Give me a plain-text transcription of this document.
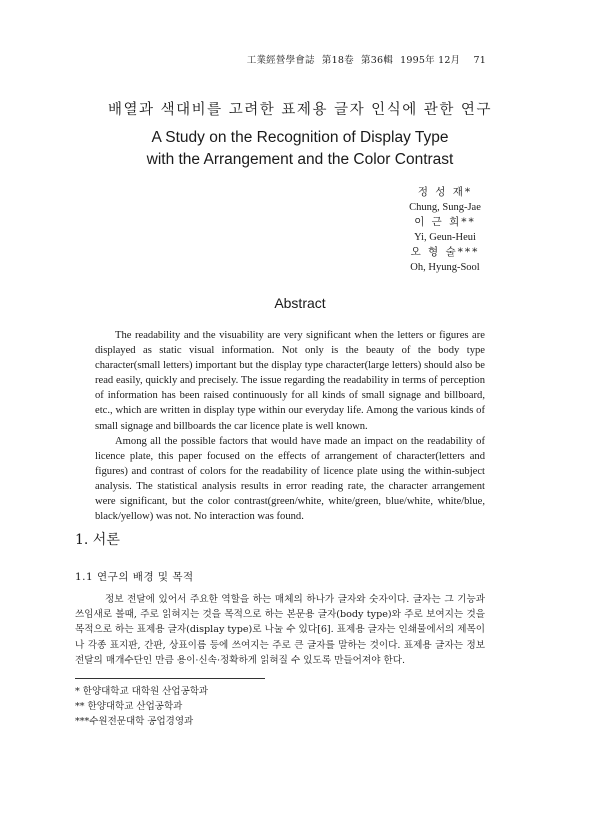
工業經營學會誌 第18卷 第36輯 1995年 12月 71
배열과 색대비를 고려한 표제용 글자 인식에 관한 연구
A Study on the Recognition of Display Type
with the Arrangement and the Color Contrast
정 성 재*
Chung, Sung-Jae
이 근 희**
Yi, Geun-Heui
오 형 술***
Oh, Hyung-Sool
Abstract

The readability and the visuability are very significant when the letters or figures are displayed as static visual information. Not only is the beauty of the body type character(small letters) important but the display type character(large letters) should also be read easily, quickly and precisely. The issue regarding the readability in terms of perception of information has been raised continuously for all kinds of small signage and billboard, etc., which are written in display type within our everyday life. Among the various kinds of small signage and billboards the car licence plate is well known.

Among all the possible factors that would have made an impact on the readability of licence plate, this paper focused on the effects of arrangement of character(letters and figures) and contrast of colors for the readability of licence plate using the within-subject analysis. The statistical analysis results in error reading rate, the character arrangement were significant, but the color contrast(green/white, white/green, blue/white, white/blue, black/yellow) was not. No interaction was found.

1. 서론
1.1 연구의 배경 및 목적

정보 전달에 있어서 주요한 역할을 하는 매체의 하나가 글자와 숫자이다. 글자는 그 기능과 쓰임새로 볼때, 주로 읽혀지는 것을 목적으로 하는 본문용 글자(body type)와 주로 보여지는 것을 목적으로 하는 표제용 글자(display type)로 나눌 수 있다[6]. 표제용 글자는 인쇄물에서의 제목이나 각종 표지판, 간판, 상표이름 등에 쓰여지는 주로 큰 글자를 말하는 것이다. 표제용 글자는 정보 전달의 매개수단인 만큼 용이·신속·정확하게 읽혀질 수 있도록 만들어져야 한다.

* 한양대학교 대학원 산업공학과
** 한양대학교 산업공학과
***수원전문대학 공업경영과
